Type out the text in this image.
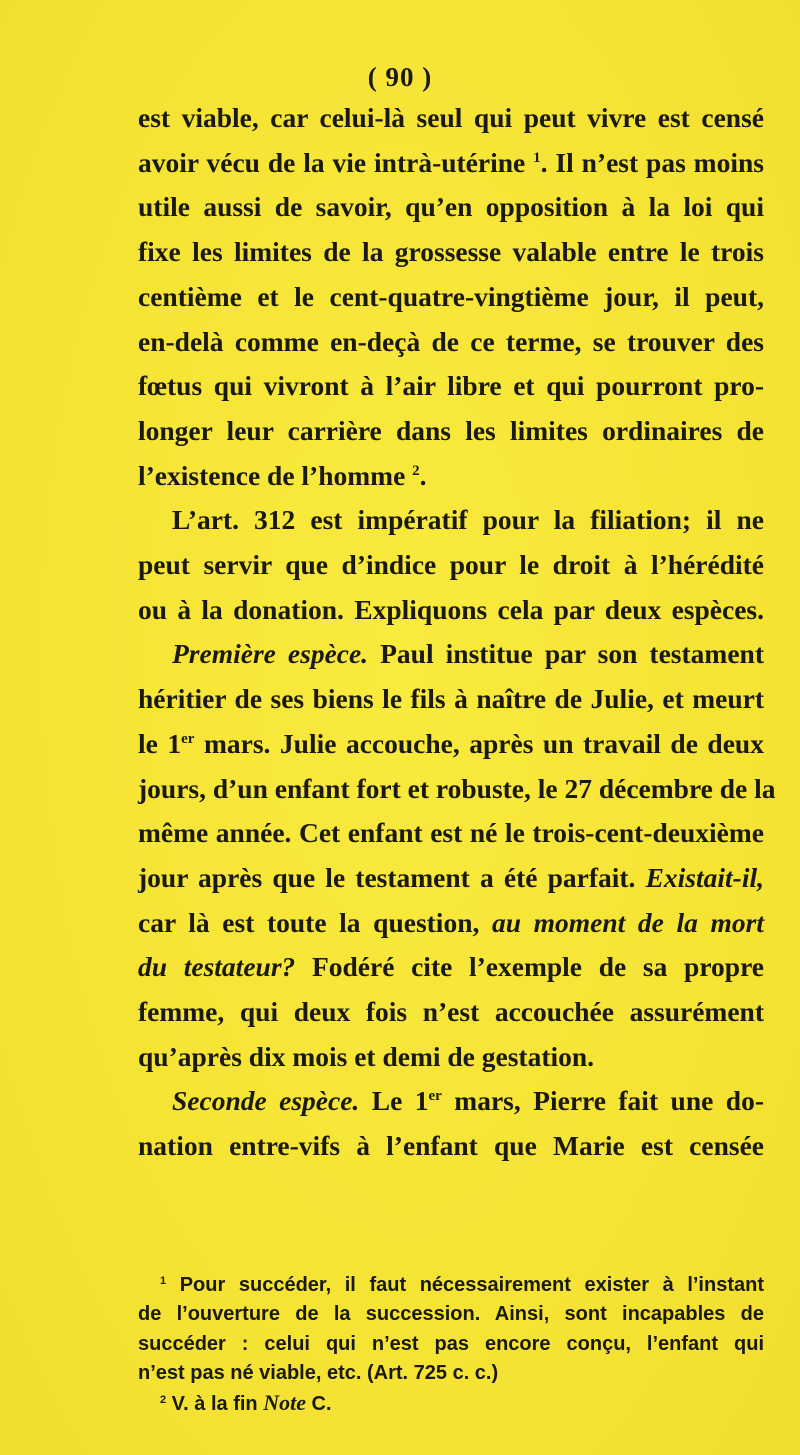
( 90 )
est viable, car celui-là seul qui peut vivre est censé
avoir vécu de la vie intrà-utérine $^1$. Il n’est pas moins
utile aussi de savoir, qu’en opposition à la loi qui
fixe les limites de la grossesse valable entre le trois
centième et le cent-quatre-vingtième jour, il peut,
en-delà comme en-deçà de ce terme, se trouver des
fœtus qui vivront à l’air libre et qui pourront pro-
longer leur carrière dans les limites ordinaires de
l’existence de l’homme $^2$.
L’art. 312 est impératif pour la filiation; il ne
peut servir que d’indice pour le droit à l’hérédité
ou à la donation. Expliquons cela par deux espèces.
Première espèce. Paul institue par son testament
héritier de ses biens le fils à naître de Julie, et meurt
le 1er mars. Julie accouche, après un travail de deux
jours, d’un enfant fort et robuste, le 27 décembre de la
même année. Cet enfant est né le trois-cent-deuxième
jour après que le testament a été parfait. Existait-il,
car là est toute la question, au moment de la mort
du testateur? Fodéré cite l’exemple de sa propre
femme, qui deux fois n’est accouchée assurément
qu’après dix mois et demi de gestation.
Seconde espèce. Le 1er mars, Pierre fait une do-
nation entre-vifs à l’enfant que Marie est censée
$^1$ Pour succéder, il faut nécessairement exister à l’instant
de l’ouverture de la succession. Ainsi, sont incapables de
succéder : celui qui n’est pas encore conçu, l’enfant qui
n’est pas né viable, etc. (Art. 725 c. c.)
$^2$ V. à la fin Note C.
